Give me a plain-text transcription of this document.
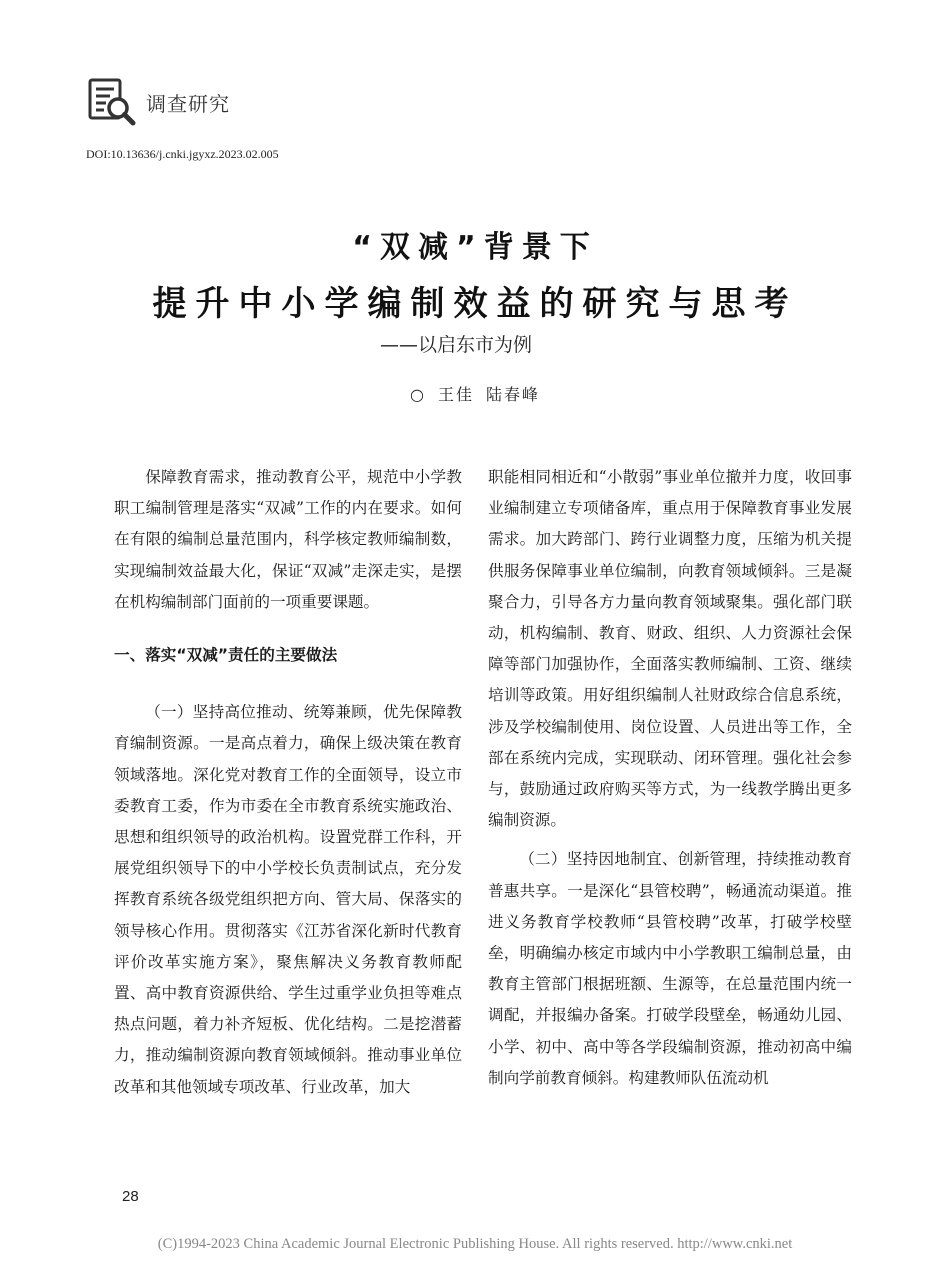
调查研究
DOI:10.13636/j.cnki.jgyxz.2023.02.005
“双减”背景下
提升中小学编制效益的研究与思考
——以启东市为例
○ 王佳 陆春峰

保障教育需求，推动教育公平，规范中小学教职工编制管理是落实“双减”工作的内在要求。如何在有限的编制总量范围内，科学核定教师编制数，实现编制效益最大化，保证“双减”走深走实，是摆在机构编制部门面前的一项重要课题。

一、落实“双减”责任的主要做法

（一）坚持高位推动、统筹兼顾，优先保障教育编制资源。一是高点着力，确保上级决策在教育领域落地。深化党对教育工作的全面领导，设立市委教育工委，作为市委在全市教育系统实施政治、思想和组织领导的政治机构。设置党群工作科，开展党组织领导下的中小学校长负责制试点，充分发挥教育系统各级党组织把方向、管大局、保落实的领导核心作用。贯彻落实《江苏省深化新时代教育评价改革实施方案》，聚焦解决义务教育教师配置、高中教育资源供给、学生过重学业负担等难点热点问题，着力补齐短板、优化结构。二是挖潜蓄力，推动编制资源向教育领域倾斜。推动事业单位改革和其他领域专项改革、行业改革，加大

职能相同相近和“小散弱”事业单位撤并力度，收回事业编制建立专项储备库，重点用于保障教育事业发展需求。加大跨部门、跨行业调整力度，压缩为机关提供服务保障事业单位编制，向教育领域倾斜。三是凝聚合力，引导各方力量向教育领域聚集。强化部门联动，机构编制、教育、财政、组织、人力资源社会保障等部门加强协作，全面落实教师编制、工资、继续培训等政策。用好组织编制人社财政综合信息系统，涉及学校编制使用、岗位设置、人员进出等工作，全部在系统内完成，实现联动、闭环管理。强化社会参与，鼓励通过政府购买等方式，为一线教学腾出更多编制资源。

（二）坚持因地制宜、创新管理，持续推动教育普惠共享。一是深化“县管校聘”，畅通流动渠道。推进义务教育学校教师“县管校聘”改革，打破学校壁垒，明确编办核定市域内中小学教职工编制总量，由教育主管部门根据班额、生源等，在总量范围内统一调配，并报编办备案。打破学段壁垒，畅通幼儿园、小学、初中、高中等各学段编制资源，推动初高中编制向学前教育倾斜。构建教师队伍流动机

28
(C)1994-2023 China Academic Journal Electronic Publishing House. All rights reserved. http://www.cnki.net
